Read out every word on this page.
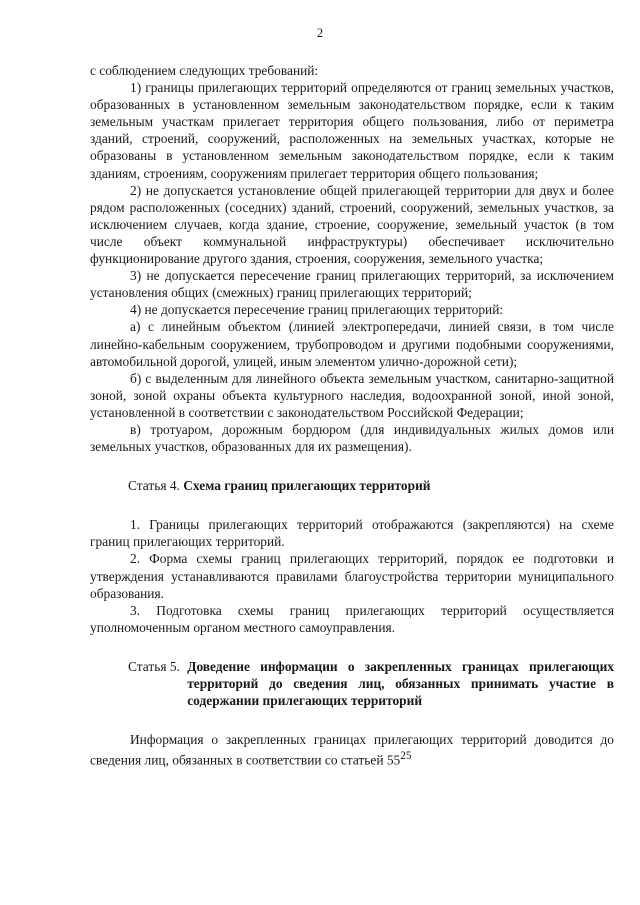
2

с соблюдением следующих требований:

1) границы прилегающих территорий определяются от границ земельных участков, образованных в установленном земельным законодательством порядке, если к таким земельным участкам прилегает территория общего пользования, либо от периметра зданий, строений, сооружений, расположенных на земельных участках, которые не образованы в установленном земельным законодательством порядке, если к таким зданиям, строениям, сооружениям прилегает территория общего пользования;

2) не допускается установление общей прилегающей территории для двух и более рядом расположенных (соседних) зданий, строений, сооружений, земельных участков, за исключением случаев, когда здание, строение, сооружение, земельный участок (в том числе объект коммунальной инфраструктуры) обеспечивает исключительно функционирование другого здания, строения, сооружения, земельного участка;

3) не допускается пересечение границ прилегающих территорий, за исключением установления общих (смежных) границ прилегающих территорий;

4) не допускается пересечение границ прилегающих территорий:

а) с линейным объектом (линией электропередачи, линией связи, в том числе линейно-кабельным сооружением, трубопроводом и другими подобными сооружениями, автомобильной дорогой, улицей, иным элементом улично-дорожной сети);

б) с выделенным для линейного объекта земельным участком, санитарно-защитной зоной, зоной охраны объекта культурного наследия, водоохранной зоной, иной зоной, установленной в соответствии с законодательством Российской Федерации;

в) тротуаром, дорожным бордюром (для индивидуальных жилых домов или земельных участков, образованных для их размещения).

Статья 4. Схема границ прилегающих территорий

1. Границы прилегающих территорий отображаются (закрепляются) на схеме границ прилегающих территорий.

2. Форма схемы границ прилегающих территорий, порядок ее подготовки и утверждения устанавливаются правилами благоустройства территории муниципального образования.

3. Подготовка схемы границ прилегающих территорий осуществляется уполномоченным органом местного самоуправления.

Статья 5. Доведение информации о закрепленных границах прилегающих территорий до сведения лиц, обязанных принимать участие в содержании прилегающих территорий

Информация о закрепленных границах прилегающих территорий доводится до сведения лиц, обязанных в соответствии со статьей $55^{25}$
